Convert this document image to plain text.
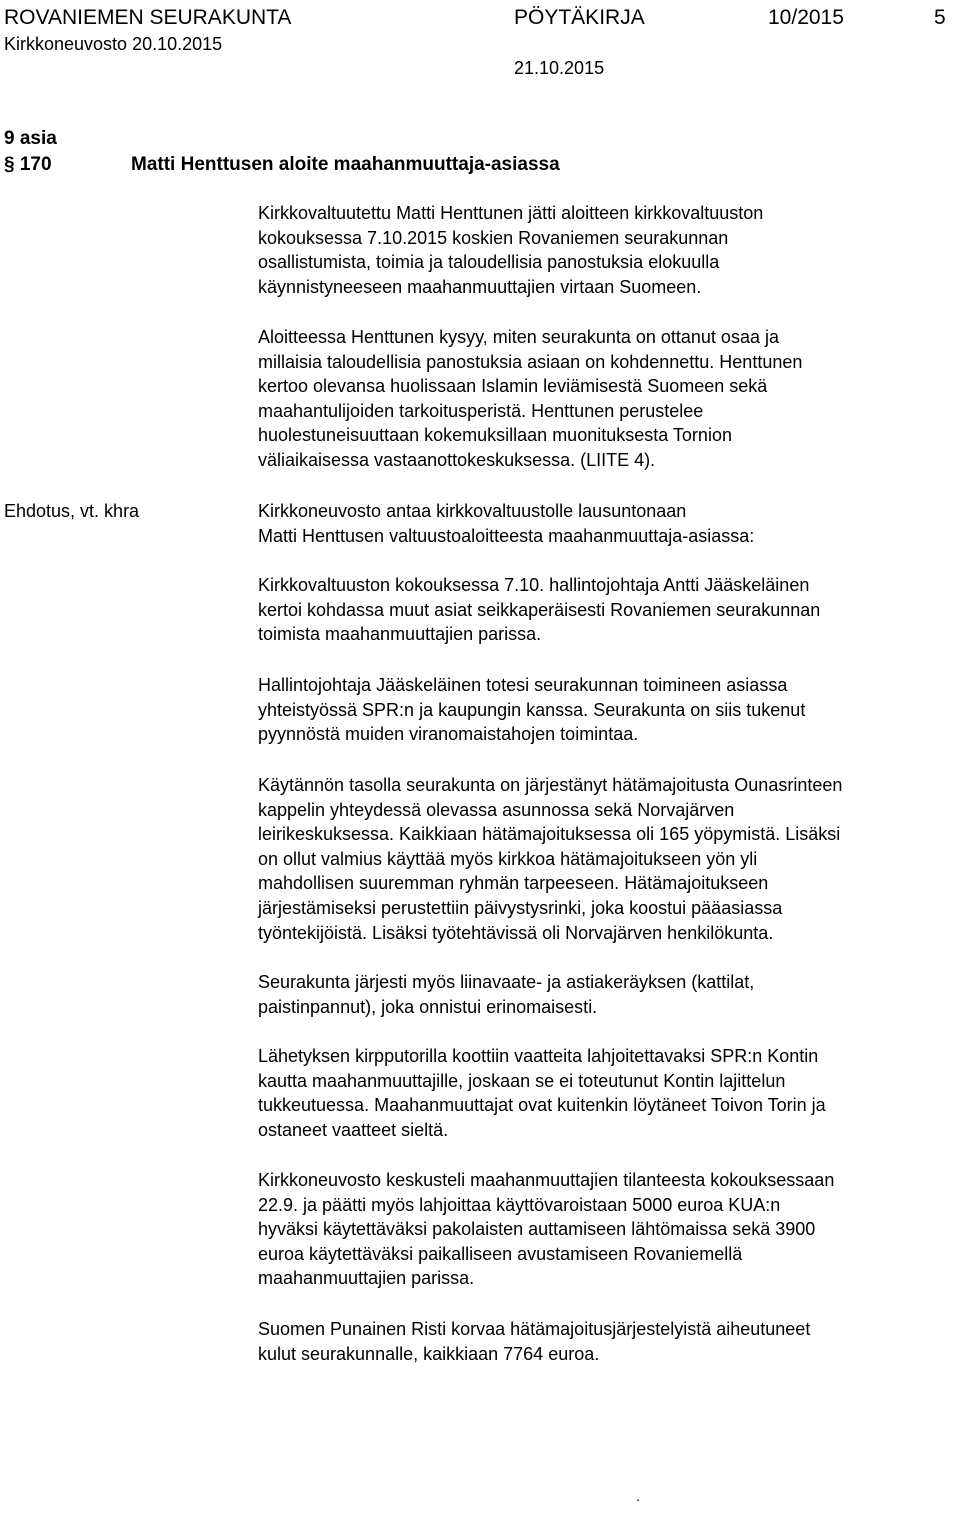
ROVANIEMEN SEURAKUNTA	PÖYTÄKIRJA	10/2015	5
Kirkkoneuvosto 20.10.2015
21.10.2015
9 asia
§ 170	Matti Henttusen aloite maahanmuuttaja-asiassa
Ehdotus, vt. khra
Kirkkovaltuutettu Matti Henttunen jätti aloitteen kirkkovaltuuston
kokouksessa 7.10.2015 koskien Rovaniemen seurakunnan
osallistumista, toimia ja taloudellisia panostuksia elokuulla
käynnistyneeseen maahanmuuttajien virtaan Suomeen.
Aloitteessa Henttunen kysyy, miten seurakunta on ottanut osaa ja
millaisia taloudellisia panostuksia asiaan on kohdennettu. Henttunen
kertoo olevansa huolissaan Islamin leviämisestä Suomeen sekä
maahantulijoiden tarkoitusperistä. Henttunen perustelee
huolestuneisuuttaan kokemuksillaan muonituksesta Tornion
väliaikaisessa vastaanottokeskuksessa. (LIITE 4).
Kirkkoneuvosto antaa kirkkovaltuustolle lausuntonaan
Matti Henttusen valtuustoaloitteesta maahanmuuttaja-asiassa:
Kirkkovaltuuston kokouksessa 7.10. hallintojohtaja Antti Jääskeläinen
kertoi kohdassa muut asiat seikkaperäisesti Rovaniemen seurakunnan
toimista maahanmuuttajien parissa.
Hallintojohtaja Jääskeläinen totesi seurakunnan toimineen asiassa
yhteistyössä SPR:n ja kaupungin kanssa. Seurakunta on siis tukenut
pyynnöstä muiden viranomaistahojen toimintaa.
Käytännön tasolla seurakunta on järjestänyt hätämajoitusta Ounasrinteen
kappelin yhteydessä olevassa asunnossa sekä Norvajärven
leirikeskuksessa. Kaikkiaan hätämajoituksessa oli 165 yöpymistä. Lisäksi
on ollut valmius käyttää myös kirkkoa hätämajoitukseen yön yli
mahdollisen suuremman ryhmän tarpeeseen. Hätämajoitukseen
järjestämiseksi perustettiin päivystysrinki, joka koostui pääasiassa
työntekijöistä. Lisäksi työtehtävissä oli Norvajärven henkilökunta.
Seurakunta järjesti myös liinavaate- ja astiakeräyksen (kattilat,
paistinpannut), joka onnistui erinomaisesti.
Lähetyksen kirpputorilla koottiin vaatteita lahjoitettavaksi SPR:n Kontin
kautta maahanmuuttajille, joskaan se ei toteutunut Kontin lajittelun
tukkeutuessa. Maahanmuuttajat ovat kuitenkin löytäneet Toivon Torin ja
ostaneet vaatteet sieltä.
Kirkkoneuvosto keskusteli maahanmuuttajien tilanteesta kokouksessaan
22.9. ja päätti myös lahjoittaa käyttövaroistaan 5000 euroa KUA:n
hyväksi käytettäväksi pakolaisten auttamiseen lähtömaissa sekä 3900
euroa käytettäväksi paikalliseen avustamiseen Rovaniemellä
maahanmuuttajien parissa.
Suomen Punainen Risti korvaa hätämajoitusjärjestelyistä aiheutuneet
kulut seurakunnalle, kaikkiaan 7764 euroa.
.
